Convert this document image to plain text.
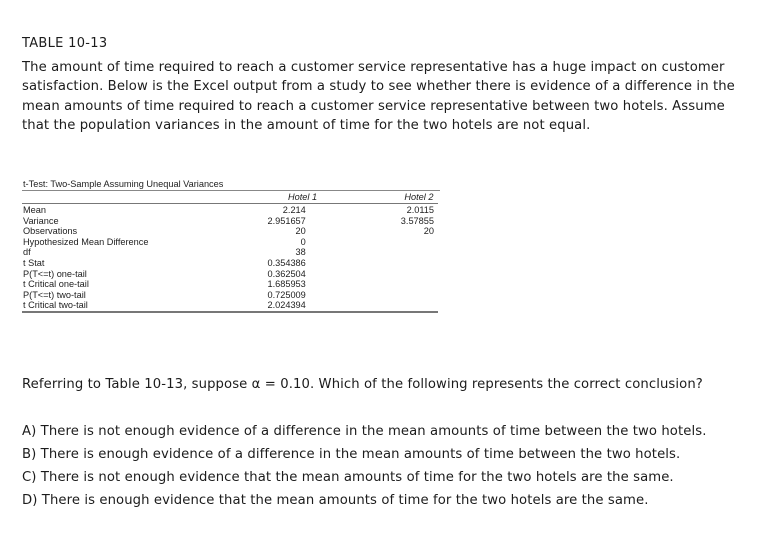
TABLE 10-13
The amount of time required to reach a customer service representative has a huge impact on customer satisfaction. Below is the Excel output from a study to see whether there is evidence of a difference in the mean amounts of time required to reach a customer service representative between two hotels. Assume that the population variances in the amount of time for the two hotels are not equal.
t-Test: Two-Sample Assuming Unequal Variances
	Hotel 1	Hotel 2
Mean	2.214	2.0115
Variance	2.951657	3.57855
Observations	20	20
Hypothesized Mean Difference	0	
df	38	
t Stat	0.354386	
P(T<=t) one-tail	0.362504	
t Critical one-tail	1.685953	
P(T<=t) two-tail	0.725009	
t Critical two-tail	2.024394	
Referring to Table 10-13, suppose α = 0.10. Which of the following represents the correct conclusion?
A) There is not enough evidence of a difference in the mean amounts of time between the two hotels.
B) There is enough evidence of a difference in the mean amounts of time between the two hotels.
C) There is not enough evidence that the mean amounts of time for the two hotels are the same.
D) There is enough evidence that the mean amounts of time for the two hotels are the same.
